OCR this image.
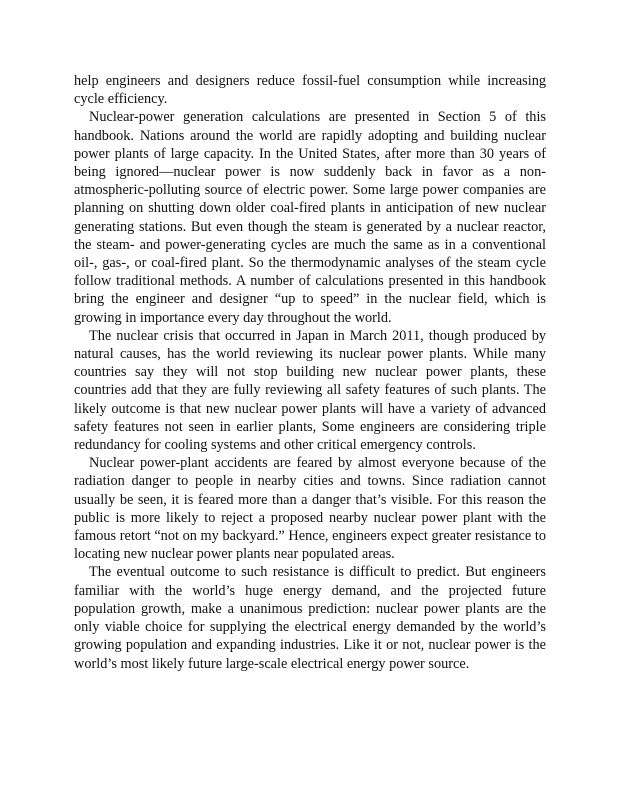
help engineers and designers reduce fossil-fuel consumption while increasing cycle efficiency.

Nuclear-power generation calculations are presented in Section 5 of this handbook. Nations around the world are rapidly adopting and building nuclear power plants of large capacity. In the United States, after more than 30 years of being ignored—nuclear power is now suddenly back in favor as a non-atmospheric-polluting source of electric power. Some large power companies are planning on shutting down older coal-fired plants in anticipation of new nuclear generating stations. But even though the steam is generated by a nuclear reactor, the steam- and power-generating cycles are much the same as in a conventional oil-, gas-, or coal-fired plant. So the thermodynamic analyses of the steam cycle follow traditional methods. A number of calculations presented in this handbook bring the engineer and designer “up to speed” in the nuclear field, which is growing in importance every day throughout the world.

The nuclear crisis that occurred in Japan in March 2011, though produced by natural causes, has the world reviewing its nuclear power plants. While many countries say they will not stop building new nuclear power plants, these countries add that they are fully reviewing all safety features of such plants. The likely outcome is that new nuclear power plants will have a variety of advanced safety features not seen in earlier plants, Some engineers are considering triple redundancy for cooling systems and other critical emergency controls.

Nuclear power-plant accidents are feared by almost everyone because of the radiation danger to people in nearby cities and towns. Since radiation cannot usually be seen, it is feared more than a danger that’s visible. For this reason the public is more likely to reject a proposed nearby nuclear power plant with the famous retort “not on my backyard.” Hence, engineers expect greater resistance to locating new nuclear power plants near populated areas.

The eventual outcome to such resistance is difficult to predict. But engineers familiar with the world’s huge energy demand, and the projected future population growth, make a unanimous prediction: nuclear power plants are the only viable choice for supplying the electrical energy demanded by the world’s growing population and expanding industries. Like it or not, nuclear power is the world’s most likely future large-scale electrical energy power source.
